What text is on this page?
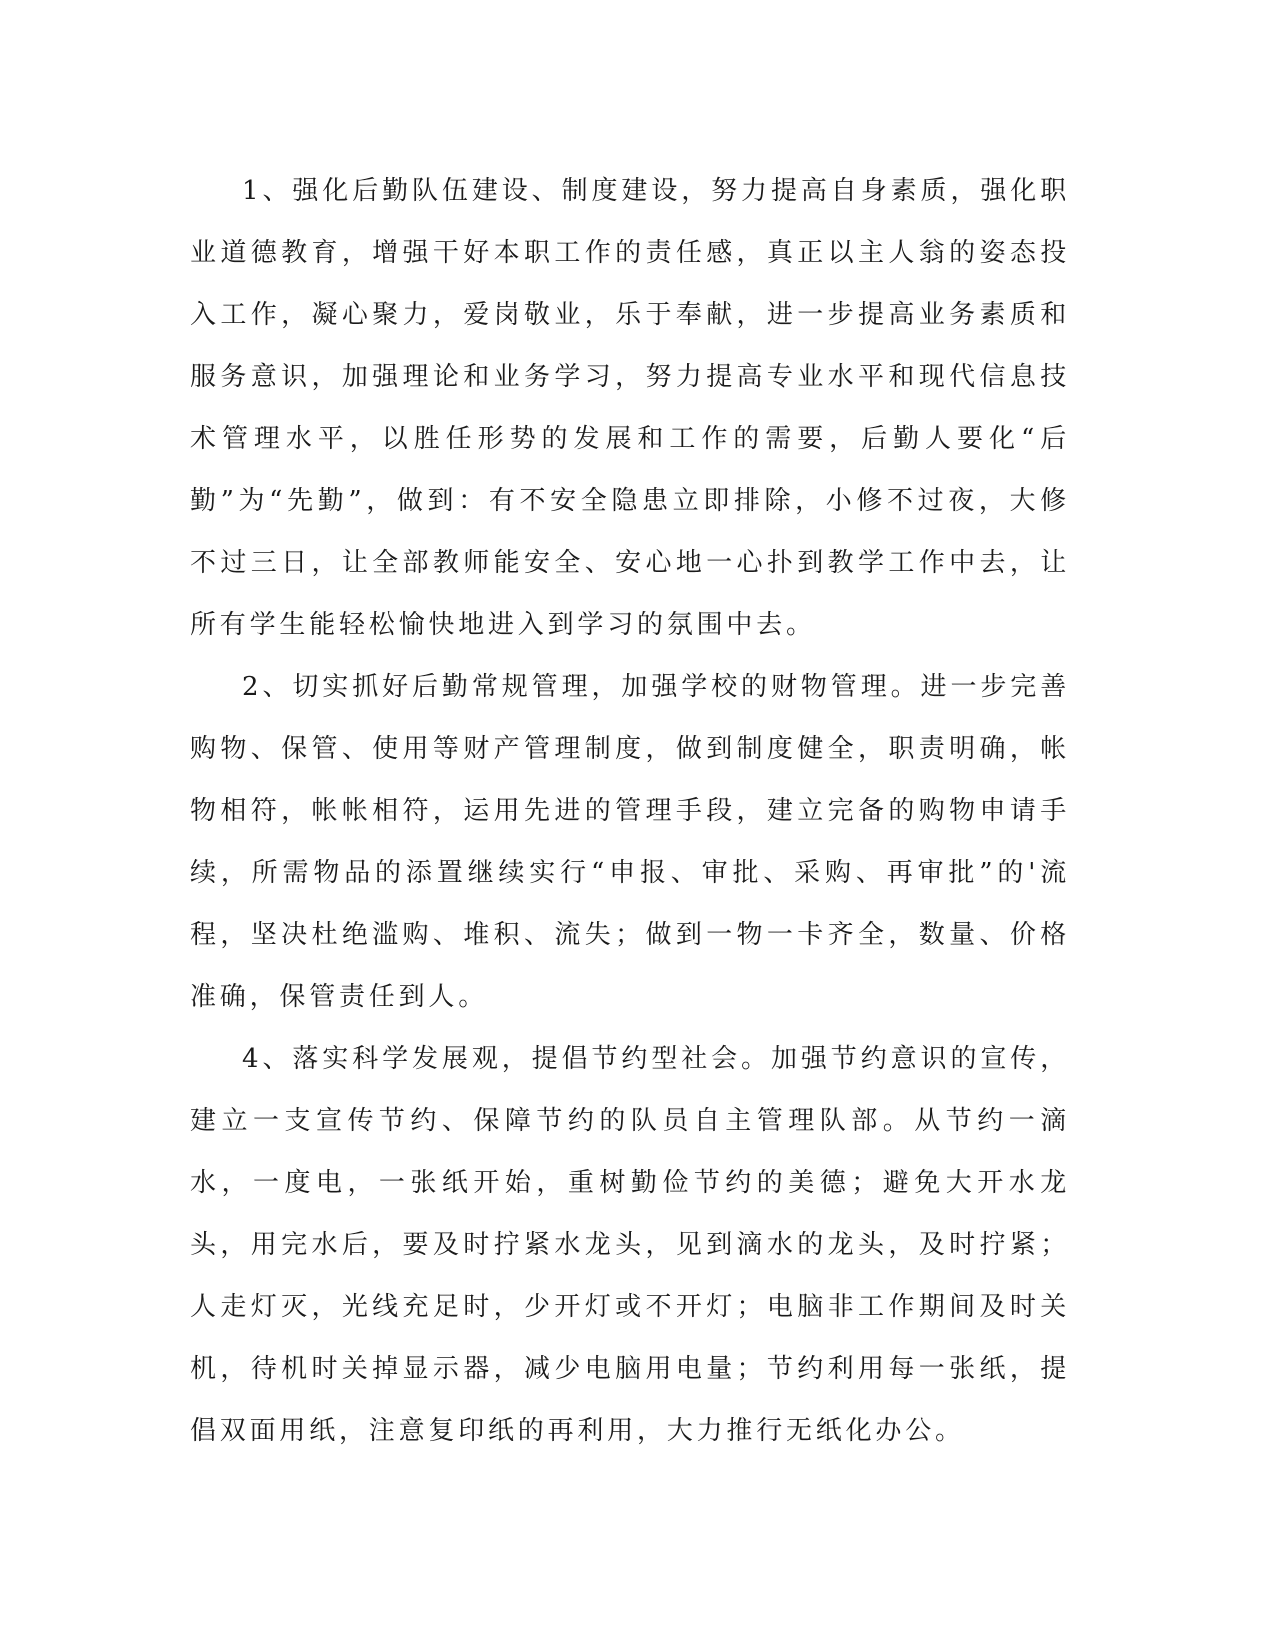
1、强化后勤队伍建设、制度建设，努力提高自身素质，强化职业道德教育，增强干好本职工作的责任感，真正以主人翁的姿态投入工作，凝心聚力，爱岗敬业，乐于奉献，进一步提高业务素质和服务意识，加强理论和业务学习，努力提高专业水平和现代信息技术管理水平，以胜任形势的发展和工作的需要，后勤人要化“后勤”为“先勤”，做到：有不安全隐患立即排除，小修不过夜，大修不过三日，让全部教师能安全、安心地一心扑到教学工作中去，让所有学生能轻松愉快地进入到学习的氛围中去。

2、切实抓好后勤常规管理，加强学校的财物管理。进一步完善购物、保管、使用等财产管理制度，做到制度健全，职责明确，帐物相符，帐帐相符，运用先进的管理手段，建立完备的购物申请手续，所需物品的添置继续实行“申报、审批、采购、再审批”的'流程，坚决杜绝滥购、堆积、流失；做到一物一卡齐全，数量、价格准确，保管责任到人。

4、落实科学发展观，提倡节约型社会。加强节约意识的宣传，建立一支宣传节约、保障节约的队员自主管理队部。从节约一滴水，一度电，一张纸开始，重树勤俭节约的美德；避免大开水龙头，用完水后，要及时拧紧水龙头，见到滴水的龙头，及时拧紧；人走灯灭，光线充足时，少开灯或不开灯；电脑非工作期间及时关机，待机时关掉显示器，减少电脑用电量；节约利用每一张纸，提倡双面用纸，注意复印纸的再利用，大力推行无纸化办公。
